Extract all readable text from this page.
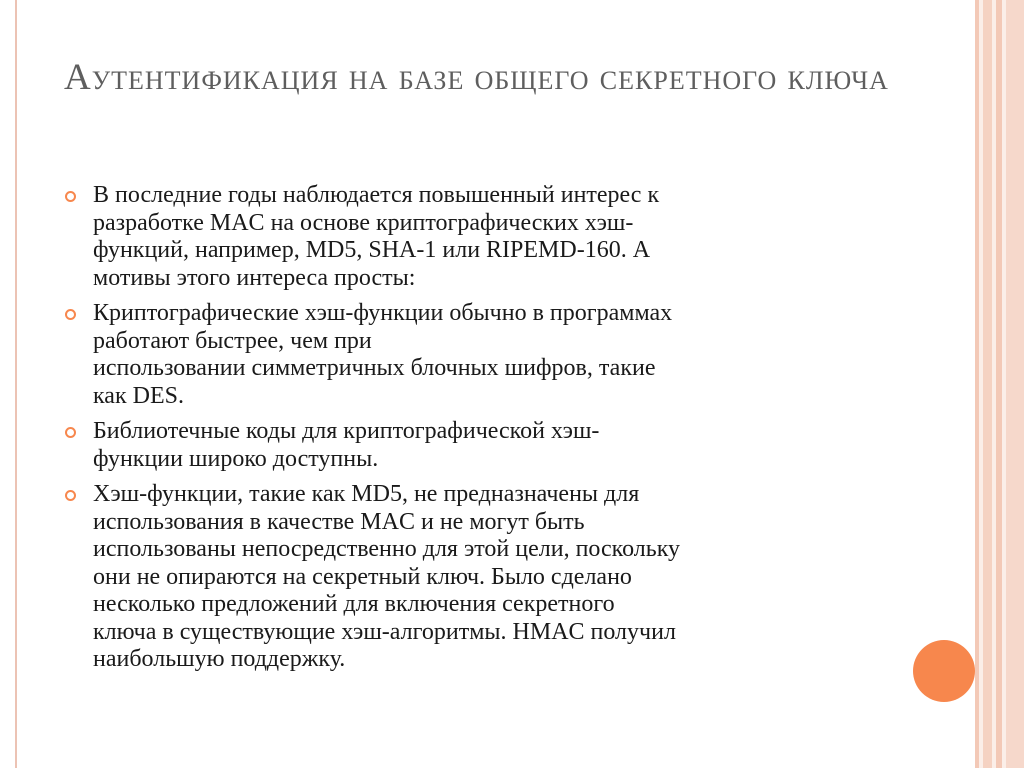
Аутентификация на базе общего секретного ключа
В последние годы наблюдается повышенный интерес к
разработке MAC на основе криптографических хэш-
функций, например, MD5, SHA-1 или RIPEMD-160. А
мотивы этого интереса просты:
Криптографические хэш-функции обычно в программах
работают быстрее, чем при
использовании симметричных блочных шифров, такие
как DES.
Библиотечные коды для криптографической хэш-
функции широко доступны.
Хэш-функции, такие как MD5, не предназначены для
использования в качестве MAC и не могут быть
использованы непосредственно для этой цели, поскольку
они не опираются на секретный ключ. Было сделано
несколько предложений для включения секретного
ключа в существующие хэш-алгоритмы. HMAC получил
наибольшую поддержку.
